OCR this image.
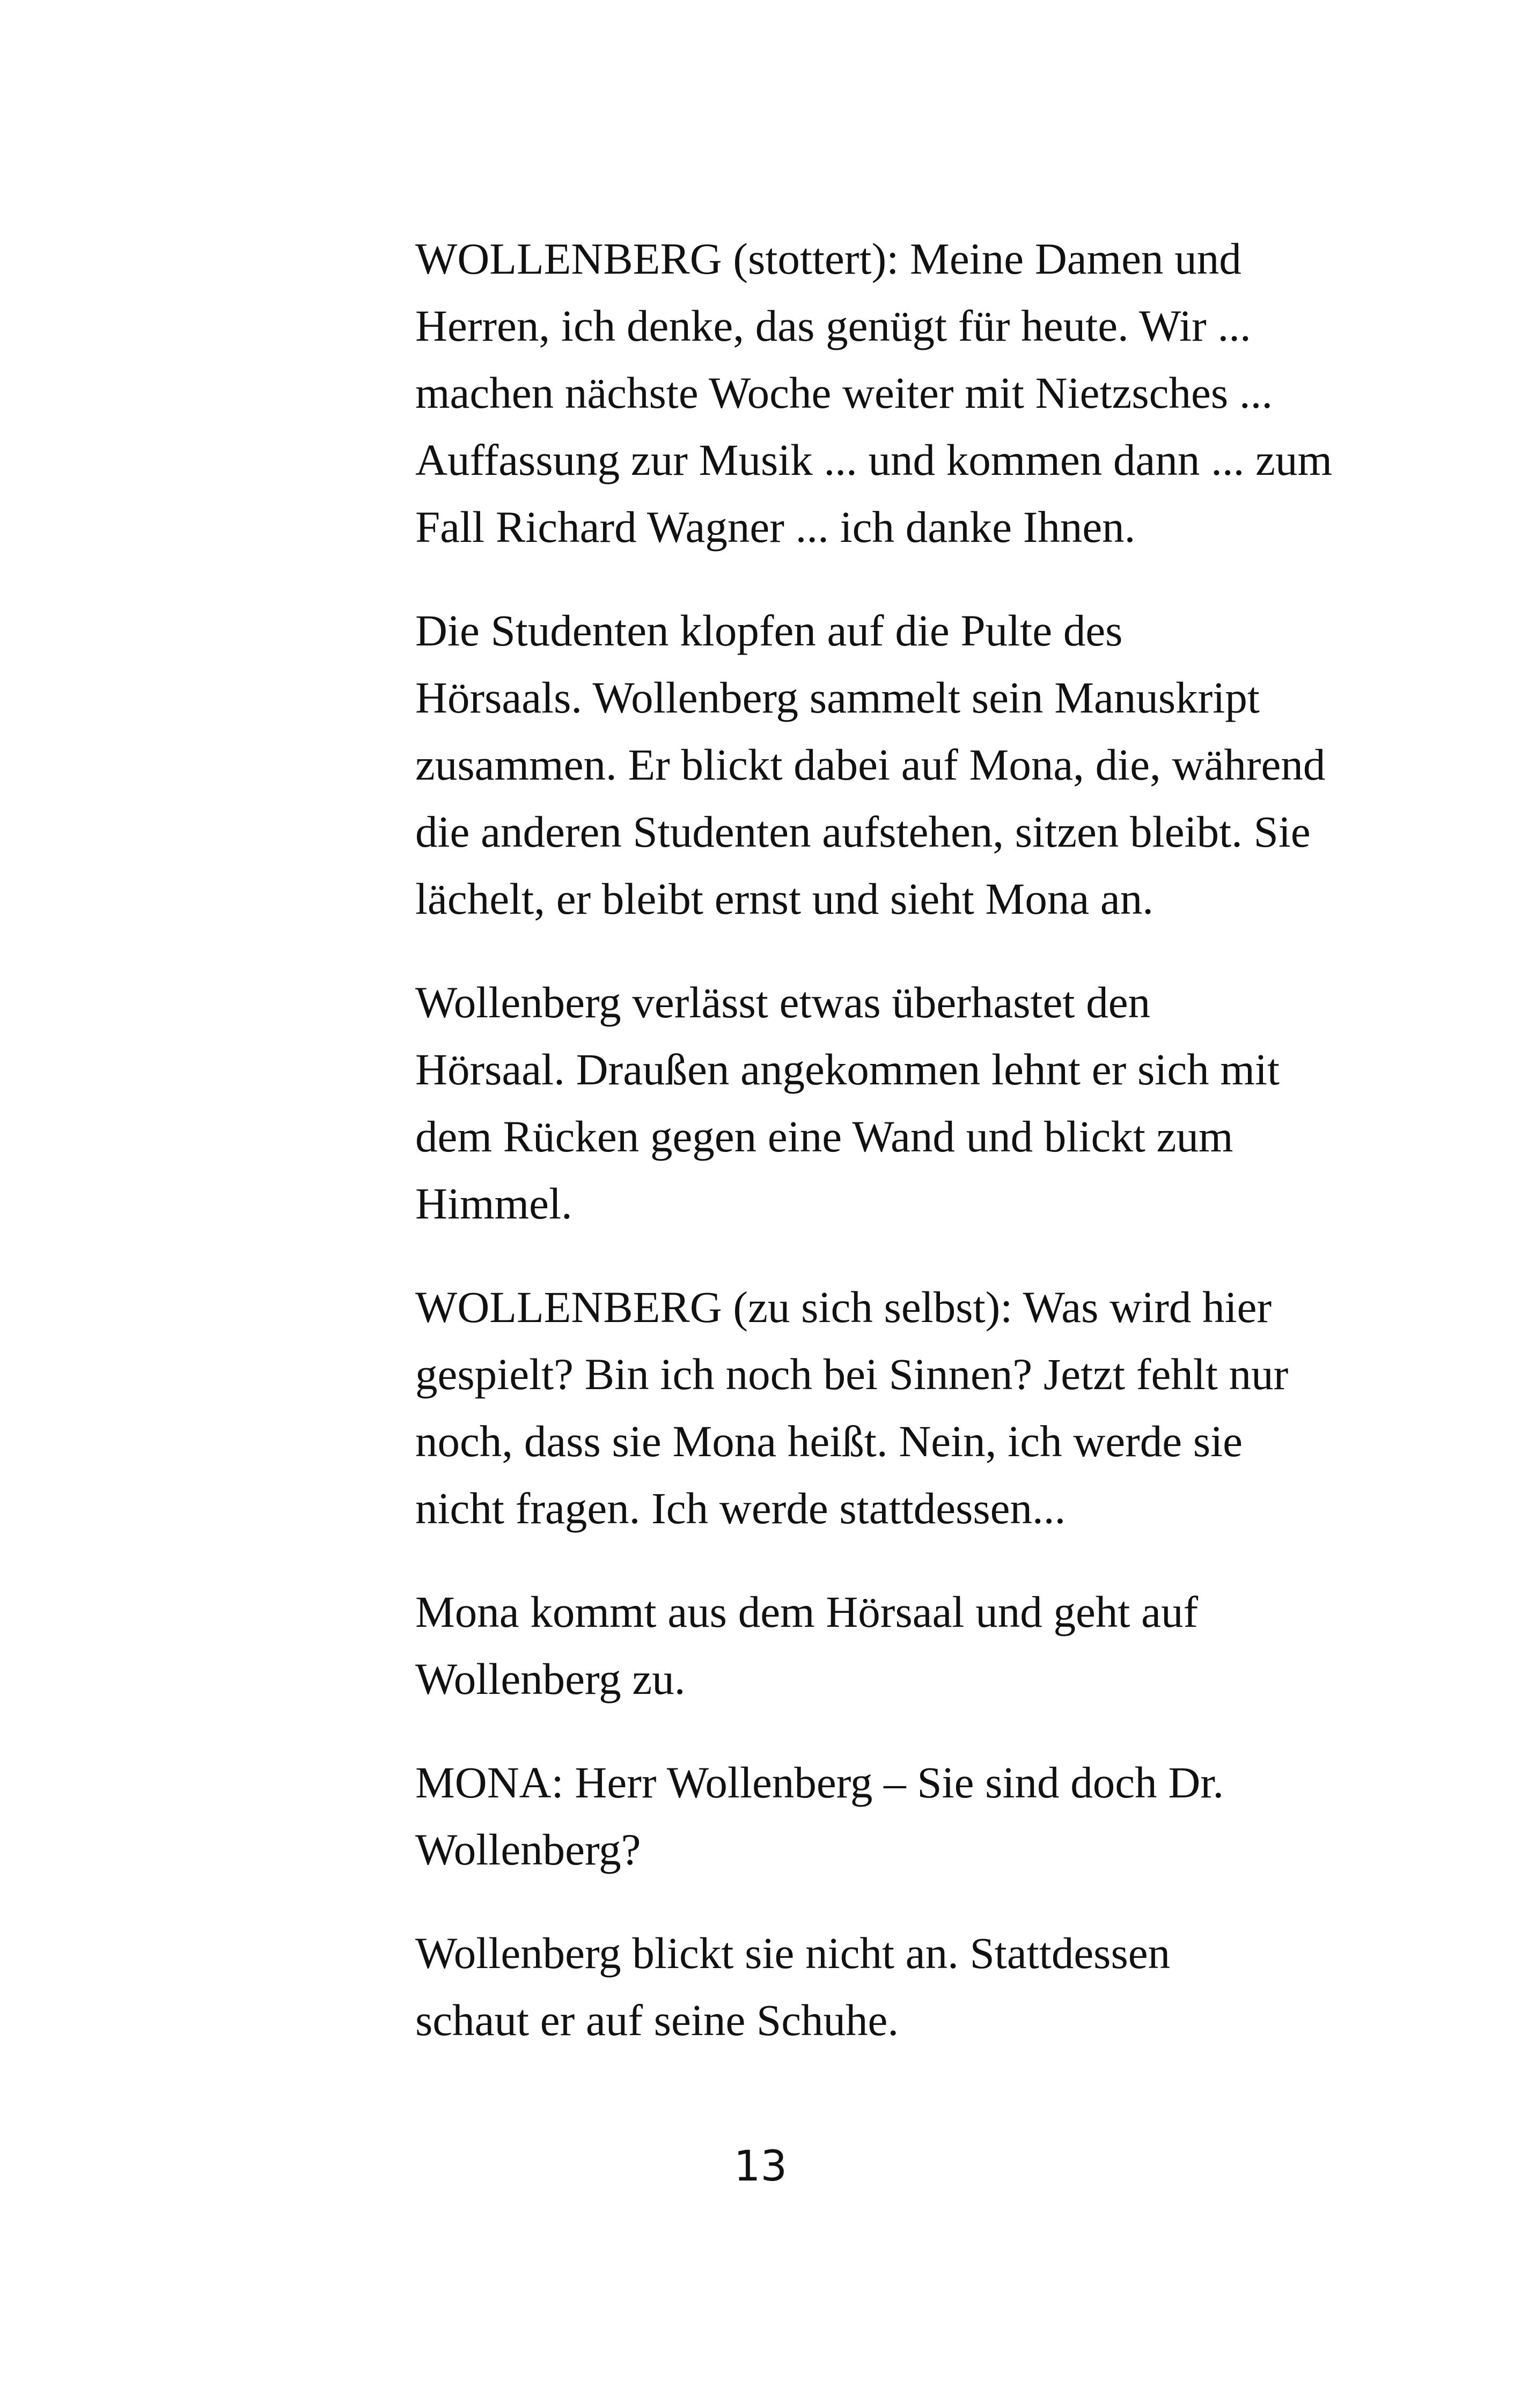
WOLLENBERG (stottert): Meine Damen und
Herren, ich denke, das genügt für heute. Wir ...
machen nächste Woche weiter mit Nietzsches ...
Auffassung zur Musik ... und kommen dann ... zum
Fall Richard Wagner ... ich danke Ihnen.

Die Studenten klopfen auf die Pulte des
Hörsaals. Wollenberg sammelt sein Manuskript
zusammen. Er blickt dabei auf Mona, die, während
die anderen Studenten aufstehen, sitzen bleibt. Sie
lächelt, er bleibt ernst und sieht Mona an.

Wollenberg verlässt etwas überhastet den
Hörsaal. Draußen angekommen lehnt er sich mit
dem Rücken gegen eine Wand und blickt zum
Himmel.

WOLLENBERG (zu sich selbst): Was wird hier
gespielt? Bin ich noch bei Sinnen? Jetzt fehlt nur
noch, dass sie Mona heißt. Nein, ich werde sie
nicht fragen. Ich werde stattdessen...

Mona kommt aus dem Hörsaal und geht auf
Wollenberg zu.

MONA: Herr Wollenberg – Sie sind doch Dr.
Wollenberg?

Wollenberg blickt sie nicht an. Stattdessen
schaut er auf seine Schuhe.

13
